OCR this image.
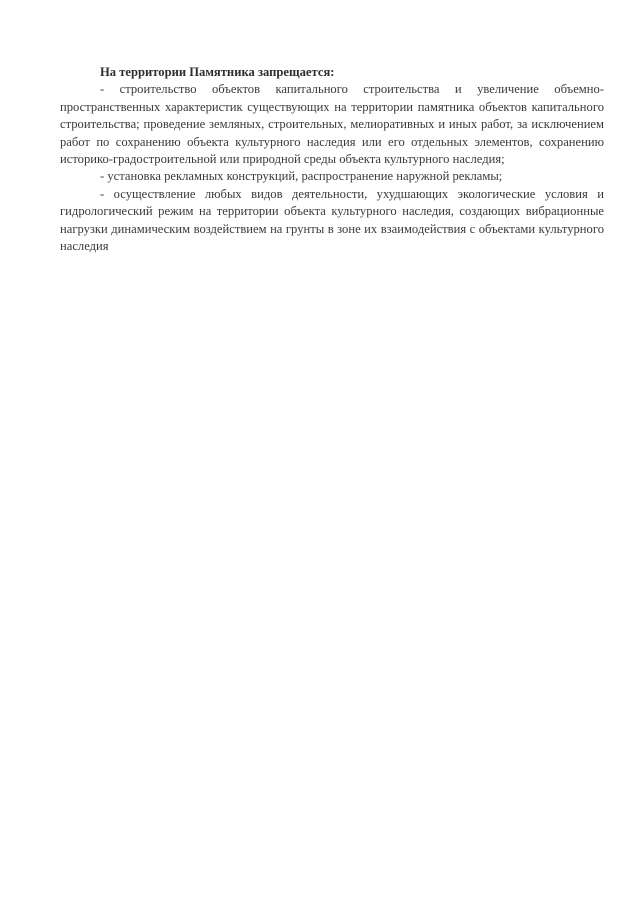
На территории Памятника запрещается:

- строительство объектов капитального строительства и увеличение объемно-пространственных характеристик существующих на территории памятника объектов капитального строительства; проведение земляных, строительных, мелиоративных и иных работ, за исключением работ по сохранению объекта культурного наследия или его отдельных элементов, сохранению историко-градостроительной или природной среды объекта культурного наследия;

- установка рекламных конструкций, распространение наружной рекламы;

- осуществление любых видов деятельности, ухудшающих экологические условия и гидрологический режим на территории объекта культурного наследия, создающих вибрационные нагрузки динамическим воздействием на грунты в зоне их взаимодействия с объектами культурного наследия
